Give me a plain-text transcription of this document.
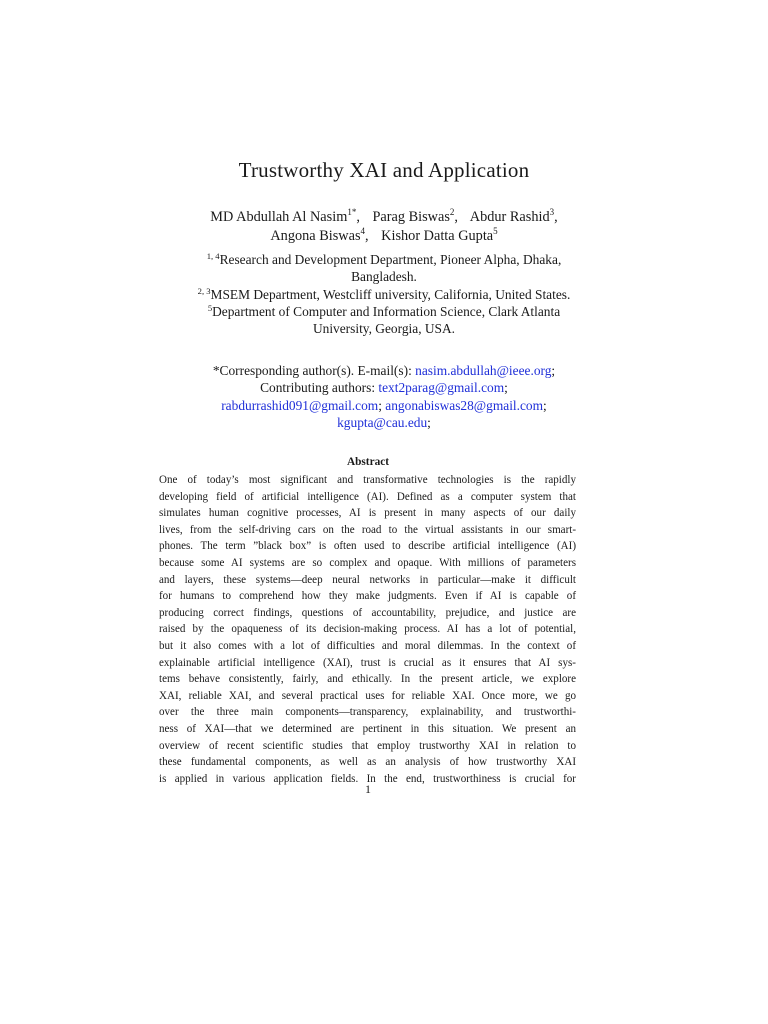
Trustworthy XAI and Application
MD Abdullah Al Nasim$^{1*}$, Parag Biswas$^2$, Abdur Rashid$^3$,
Angona Biswas$^4$, Kishor Datta Gupta$^5$
$^{1, 4}$Research and Development Department, Pioneer Alpha, Dhaka,
Bangladesh.
$^{2, 3}$MSEM Department, Westcliff university, California, United States.
$^5$Department of Computer and Information Science, Clark Atlanta
University, Georgia, USA.
*Corresponding author(s). E-mail(s): nasim.abdullah@ieee.org;
Contributing authors: text2parag@gmail.com;
rabdurrashid091@gmail.com; angonabiswas28@gmail.com;
kgupta@cau.edu;
Abstract
One of today’s most significant and transformative technologies is the rapidly
developing field of artificial intelligence (AI). Defined as a computer system that
simulates human cognitive processes, AI is present in many aspects of our daily
lives, from the self-driving cars on the road to the virtual assistants in our smart-
phones. The term ”black box” is often used to describe artificial intelligence (AI)
because some AI systems are so complex and opaque. With millions of parameters
and layers, these systems—deep neural networks in particular—make it difficult
for humans to comprehend how they make judgments. Even if AI is capable of
producing correct findings, questions of accountability, prejudice, and justice are
raised by the opaqueness of its decision-making process. AI has a lot of potential,
but it also comes with a lot of difficulties and moral dilemmas. In the context of
explainable artificial intelligence (XAI), trust is crucial as it ensures that AI sys-
tems behave consistently, fairly, and ethically. In the present article, we explore
XAI, reliable XAI, and several practical uses for reliable XAI. Once more, we go
over the three main components—transparency, explainability, and trustworthi-
ness of XAI—that we determined are pertinent in this situation. We present an
overview of recent scientific studies that employ trustworthy XAI in relation to
these fundamental components, as well as an analysis of how trustworthy XAI
is applied in various application fields. In the end, trustworthiness is crucial for
1
